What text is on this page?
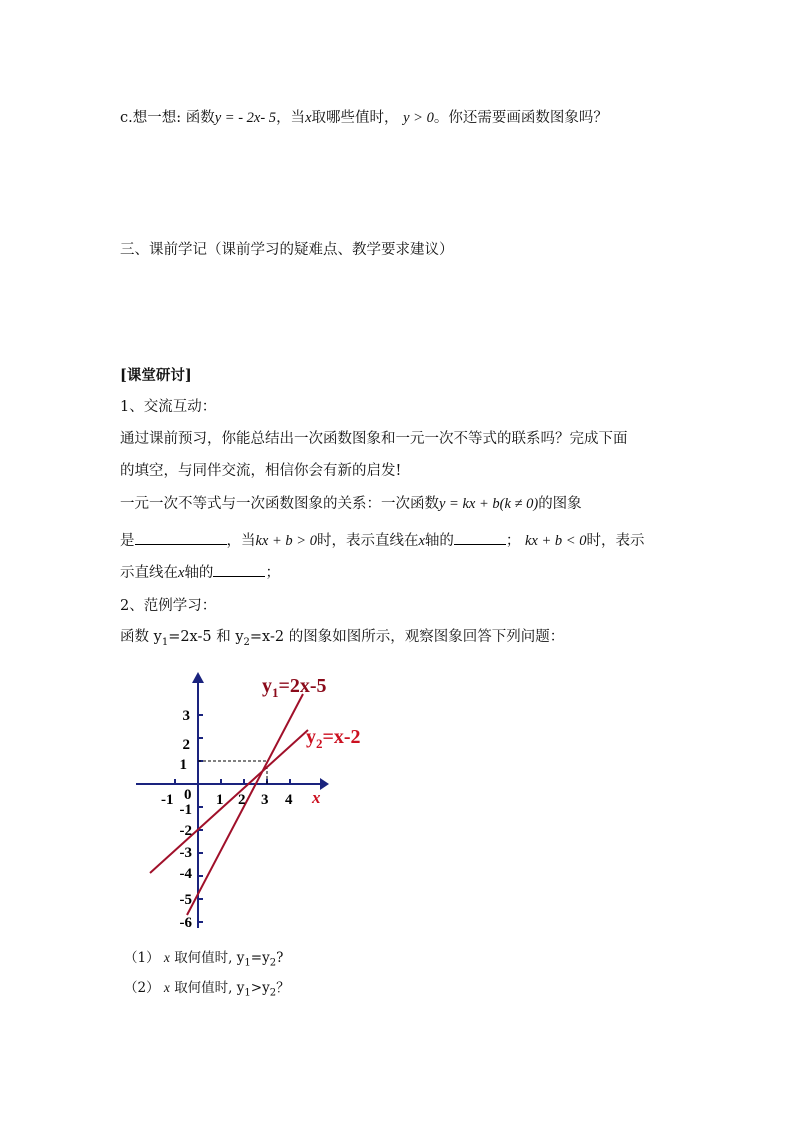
c.想一想: 函数y = - 2x- 5，当x取哪些值时， y > 0。你还需要画函数图象吗？
三、课前学记（课前学习的疑难点、教学要求建议）
[课堂研讨]
1、交流互动：
通过课前预习，你能总结出一次函数图象和一元一次不等式的联系吗？完成下面
的填空，与同伴交流，相信你会有新的启发!
一元一次不等式与一次函数图象的关系：一次函数y = kx + b(k ≠ 0)的图象
是	，当kx + b > 0时，表示直线在x轴的	； kx + b < 0时，表示
示直线在x轴的	；
2、范例学习：
函数 $y_1=2x-5$ 和 $y_2=x-2$ 的图象如图所示，观察图象回答下列问题：
-1 0 1 2 3 4 x
3
2
1
-1
-2
-3
-4
-5
-6
$y_1=2x-5$
$y_2=x-2$
（1） x 取何值时, $y_1=y_2$?
（2） x 取何值时, $y_1>y_2$？
